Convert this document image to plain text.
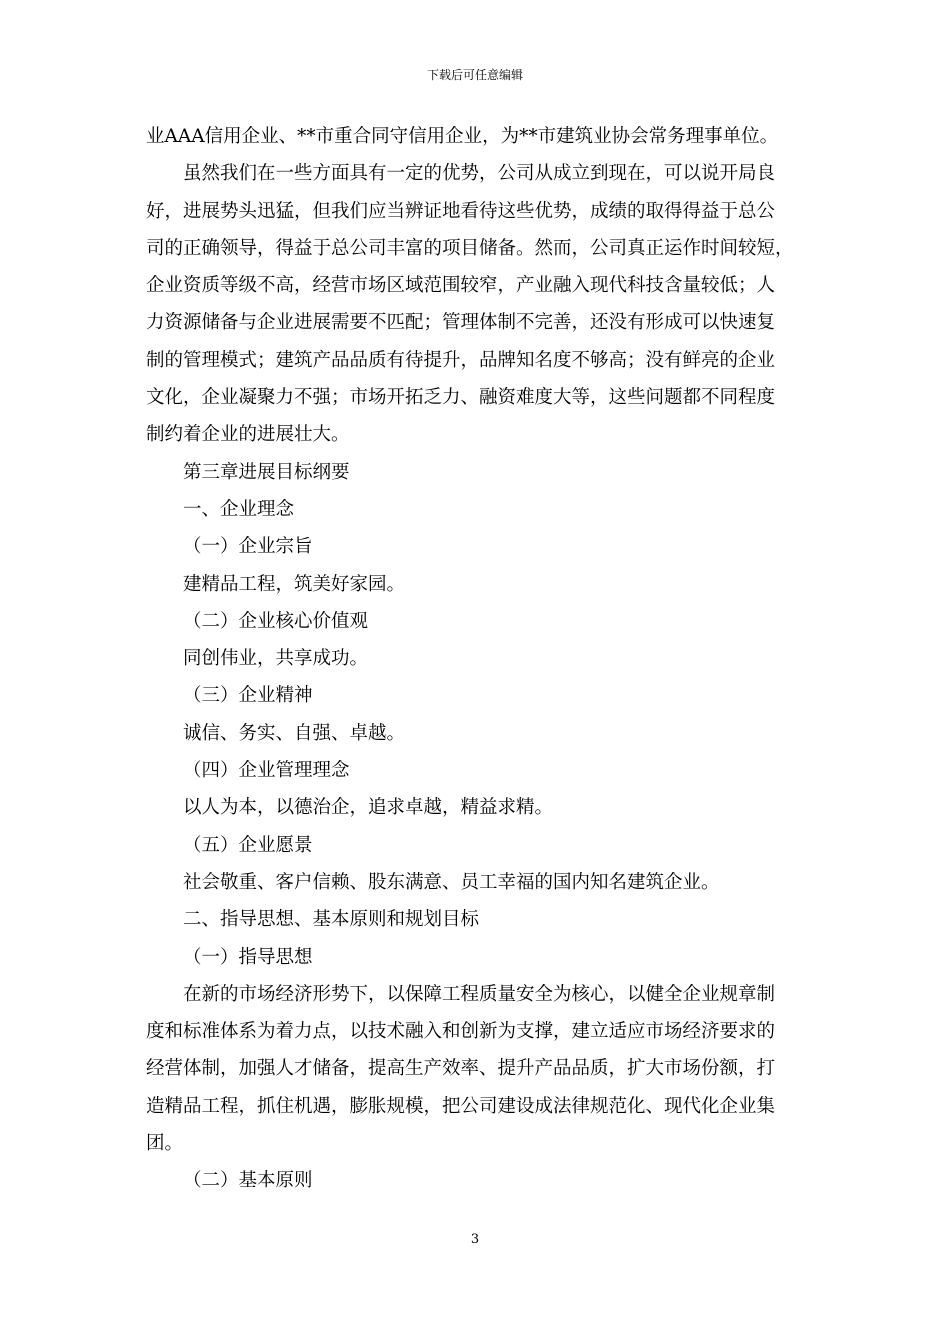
下载后可任意编辑

业AAA信用企业、**市重合同守信用企业，为**市建筑业协会常务理事单位。

虽然我们在一些方面具有一定的优势，公司从成立到现在，可以说开局良

好，进展势头迅猛，但我们应当辨证地看待这些优势，成绩的取得得益于总公

司的正确领导，得益于总公司丰富的项目储备。然而，公司真正运作时间较短，

企业资质等级不高，经营市场区域范围较窄，产业融入现代科技含量较低；人

力资源储备与企业进展需要不匹配；管理体制不完善，还没有形成可以快速复

制的管理模式；建筑产品品质有待提升，品牌知名度不够高；没有鲜亮的企业

文化，企业凝聚力不强；市场开拓乏力、融资难度大等，这些问题都不同程度

制约着企业的进展壮大。

第三章进展目标纲要

一、企业理念

（一）企业宗旨

建精品工程，筑美好家园。

（二）企业核心价值观

同创伟业，共享成功。

（三）企业精神

诚信、务实、自强、卓越。

（四）企业管理理念

以人为本，以德治企，追求卓越，精益求精。

（五）企业愿景

社会敬重、客户信赖、股东满意、员工幸福的国内知名建筑企业。

二、指导思想、基本原则和规划目标

（一）指导思想

在新的市场经济形势下，以保障工程质量安全为核心，以健全企业规章制

度和标准体系为着力点，以技术融入和创新为支撑，建立适应市场经济要求的

经营体制，加强人才储备，提高生产效率、提升产品品质，扩大市场份额，打

造精品工程，抓住机遇，膨胀规模，把公司建设成法律规范化、现代化企业集

团。

（二）基本原则

3
